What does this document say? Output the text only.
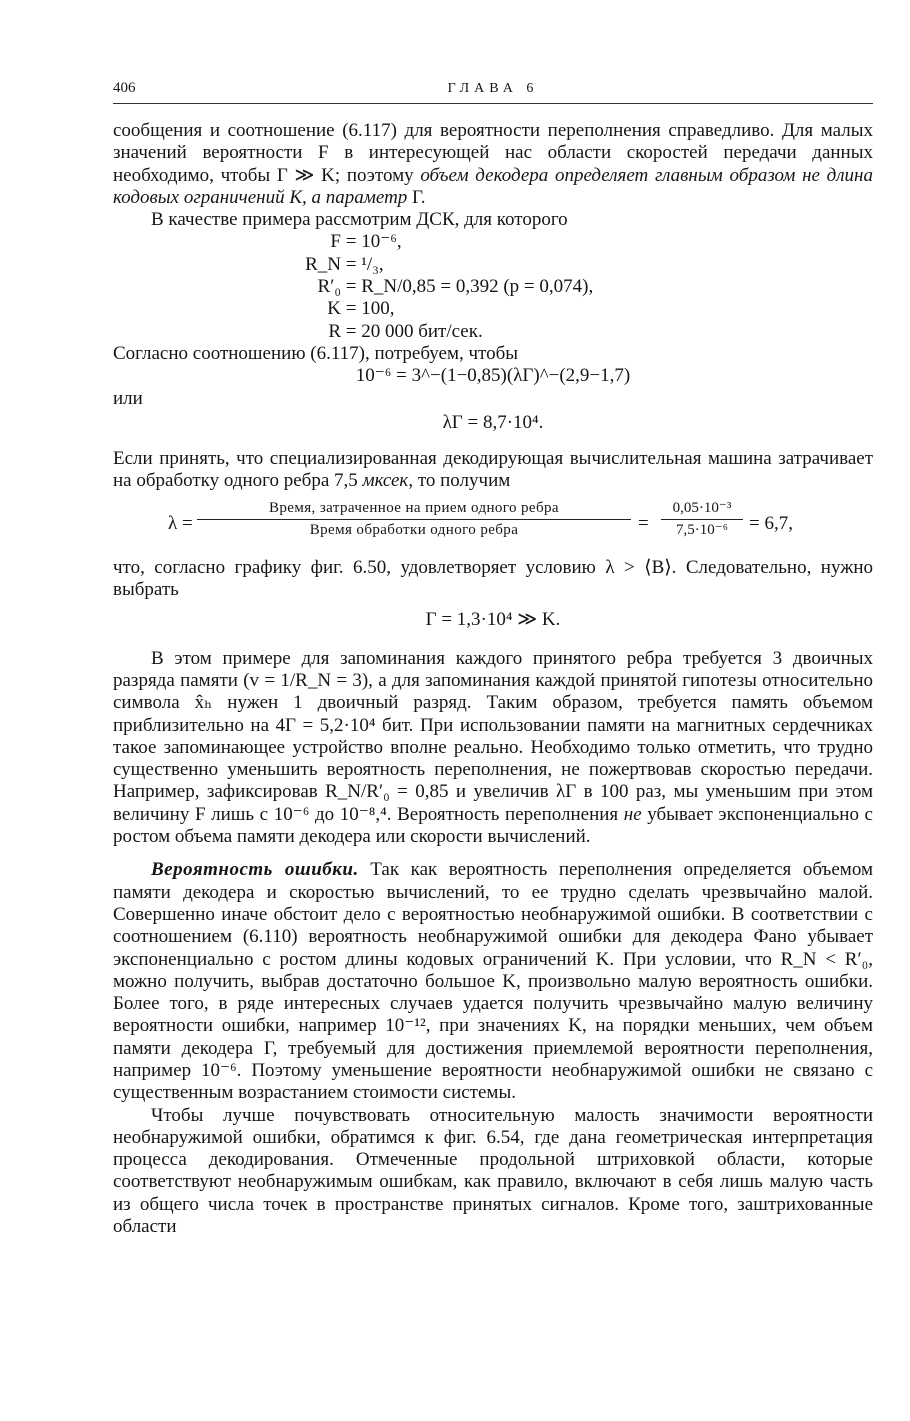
406	ГЛАВА 6

сообщения и соотношение (6.117) для вероятности переполнения справедливо. Для малых значений вероятности F в интересующей нас области скоростей передачи данных необходимо, чтобы Γ ≫ K; поэтому объем декодера определяет главным образом не длина кодовых ограничений K, а параметр Γ.

В качестве примера рассмотрим ДСК, для которого

F = 10⁻⁶,
R_N = ¹/₃,
R′₀ = R_N/0,85 = 0,392 (p = 0,074),
K = 100,
R = 20 000 бит/сек.

Согласно соотношению (6.117), потребуем, чтобы

10⁻⁶ = 3^−(1−0,85)(λΓ)^−(2,9−1,7)

или

λΓ = 8,7·10⁴.

Если принять, что специализированная декодирующая вычислительная машина затрачивает на обработку одного ребра 7,5 мксек, то получим

λ =
Время, затраченное на прием одного ребра
Время обработки одного ребра	= $\frac{\text{0,05·10⁻³}}{\text{7,5·10⁻⁶}} = 6,7$,

что, согласно графику фиг. 6.50, удовлетворяет условию λ > ⟨B⟩. Следовательно, нужно выбрать

Γ = 1,3·10⁴ ≫ K.

В этом примере для запоминания каждого принятого ребра требуется 3 двоичных разряда памяти (v = 1/R_N = 3), а для запоминания каждой принятой гипотезы относительно символа x̂ₕ нужен 1 двоичный разряд. Таким образом, требуется память объемом приблизительно на 4Γ = 5,2·10⁴ бит. При использовании памяти на магнитных сердечниках такое запоминающее устройство вполне реально. Необходимо только отметить, что трудно существенно уменьшить вероятность переполнения, не пожертвовав скоростью передачи. Например, зафиксировав R_N/R′₀ = 0,85 и увеличив λΓ в 100 раз, мы уменьшим при этом величину F лишь с 10⁻⁶ до 10⁻⁸,⁴. Вероятность переполнения не убывает экспоненциально с ростом объема памяти декодера или скорости вычислений.

Вероятность ошибки. Так как вероятность переполнения определяется объемом памяти декодера и скоростью вычислений, то ее трудно сделать чрезвычайно малой. Совершенно иначе обстоит дело с вероятностью необнаружимой ошибки. В соответствии с соотношением (6.110) вероятность необнаружимой ошибки для декодера Фано убывает экспоненциально с ростом длины кодовых ограничений K. При условии, что R_N < R′₀, можно получить, выбрав достаточно большое K, произвольно малую вероятность ошибки. Более того, в ряде интересных случаев удается получить чрезвычайно малую величину вероятности ошибки, например 10⁻¹², при значениях K, на порядки меньших, чем объем памяти декодера Γ, требуемый для достижения приемлемой вероятности переполнения, например 10⁻⁶. Поэтому уменьшение вероятности необнаружимой ошибки не связано с существенным возрастанием стоимости системы.

Чтобы лучше почувствовать относительную малость значимости вероятности необнаружимой ошибки, обратимся к фиг. 6.54, где дана геометрическая интерпретация процесса декодирования. Отмеченные продольной штриховкой области, которые соответствуют необнаружимым ошибкам, как правило, включают в себя лишь малую часть из общего числа точек в пространстве принятых сигналов. Кроме того, заштрихованные области
